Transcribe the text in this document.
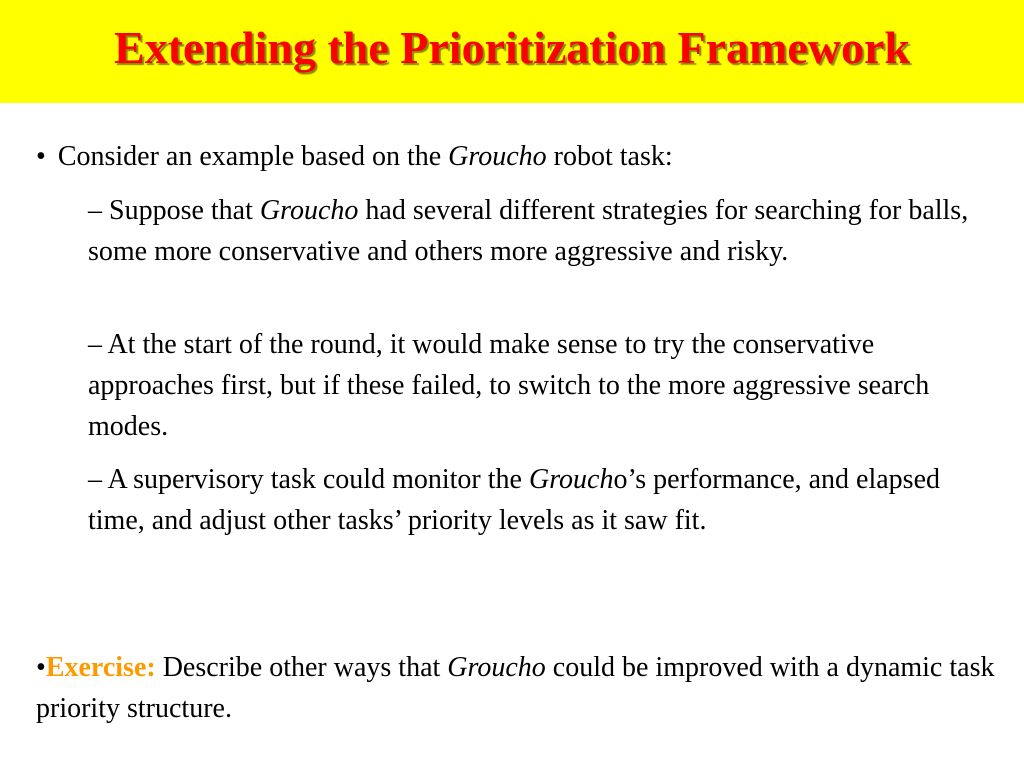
Extending the Prioritization Framework

• Consider an example based on the Groucho robot task:

– Suppose that Groucho had several different strategies for searching for balls, some more conservative and others more aggressive and risky.

– At the start of the round, it would make sense to try the conservative approaches first, but if these failed, to switch to the more aggressive search modes.

– A supervisory task could monitor the Groucho’s performance, and elapsed time, and adjust other tasks’ priority levels as it saw fit.

•Exercise: Describe other ways that Groucho could be improved with a dynamic task priority structure.
